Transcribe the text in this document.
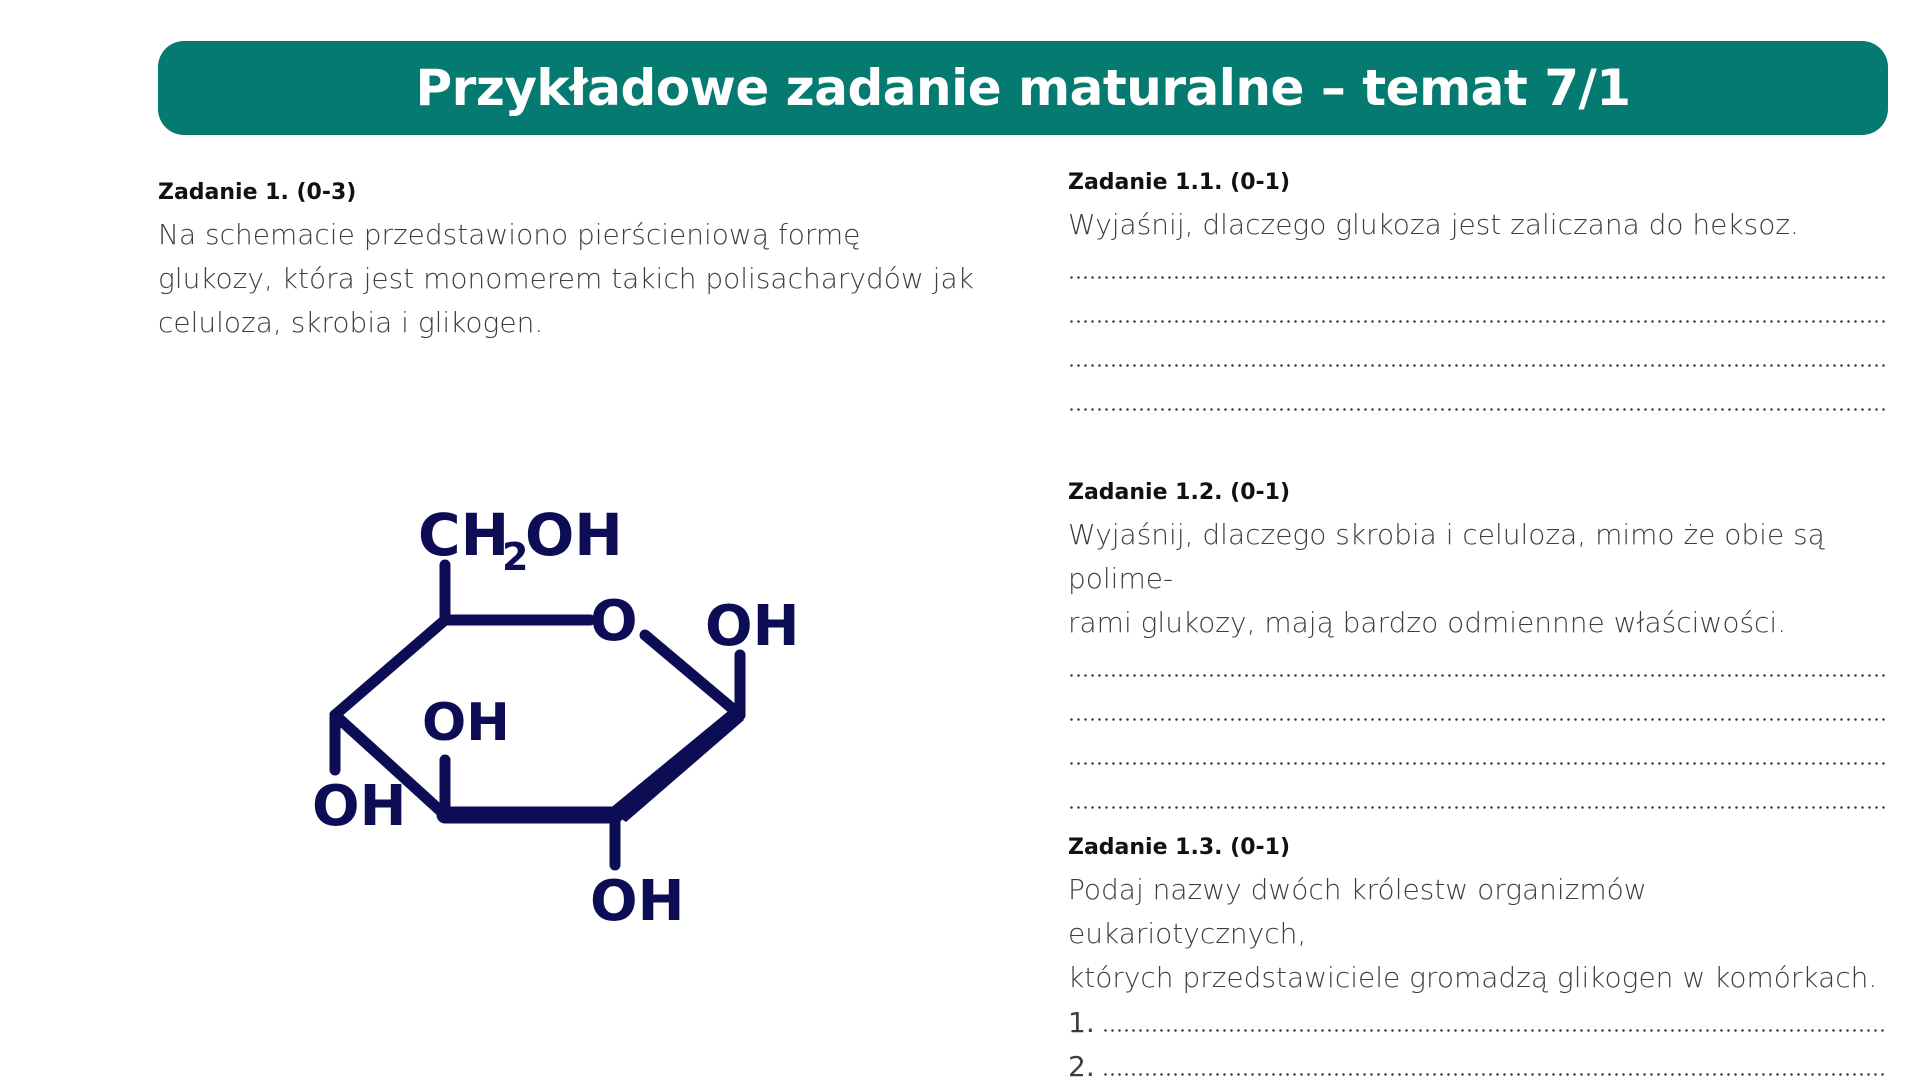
Przykładowe zadanie maturalne – temat 7/1
Zadanie 1. (0-3)

Na schemacie przedstawiono pierścieniową formę glukozy, która jest monomerem takich polisacharydów jak celuloza, skrobia i glikogen.

CH
2
OH
O OH
OH
OH
OH
Zadanie 1.1. (0-1)

Wyjaśnij, dlaczego glukoza jest zaliczana do heksoz.

Zadanie 1.2. (0-1)

Wyjaśnij, dlaczego skrobia i celuloza, mimo że obie są polime-

rami glukozy, mają bardzo odmiennne właściwości.

Zadanie 1.3. (0-1)

Podaj nazwy dwóch królestw organizmów eukariotycznych,

których przedstawiciele gromadzą glikogen w komórkach.

1.
2.
